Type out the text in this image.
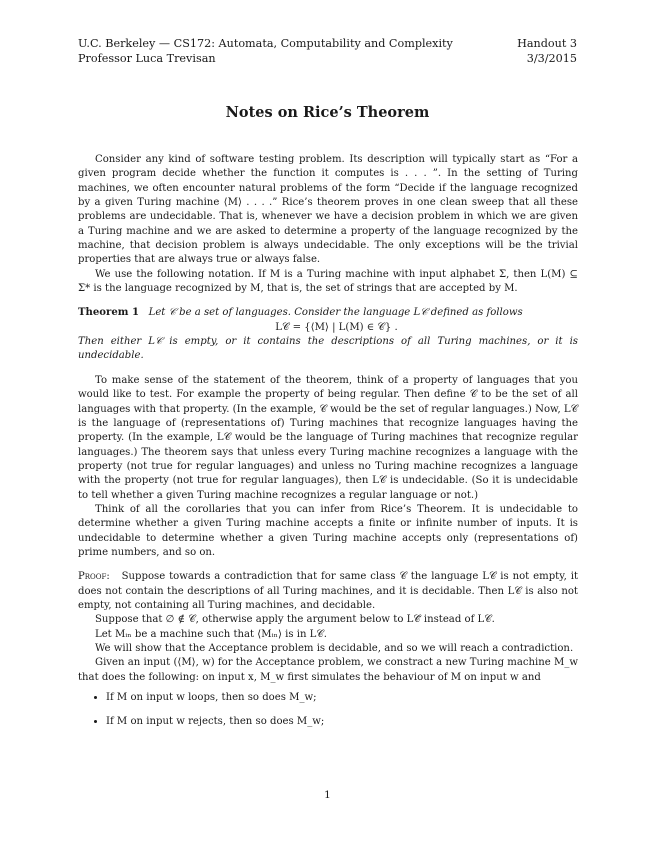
U.C. Berkeley — CS172: Automata, Computability and Complexity
Professor Luca Trevisan
Handout 3
3/3/2015
Notes on Rice’s Theorem

Consider any kind of software testing problem. Its description will typically start as “For a given program decide whether the function it computes is . . . ”. In the setting of Turing machines, we often encounter natural problems of the form “Decide if the language recognized by a given Turing machine ⟨M⟩ . . . .” Rice’s theorem proves in one clean sweep that all these problems are undecidable. That is, whenever we have a decision problem in which we are given a Turing machine and we are asked to determine a property of the language recognized by the machine, that decision problem is always undecidable. The only exceptions will be the trivial properties that are always true or always false.

We use the following notation. If M is a Turing machine with input alphabet Σ, then L(M) ⊆ Σ* is the language recognized by M, that is, the set of strings that are accepted by M.

Theorem 1 Let 𝒞 be a set of languages. Consider the language L𝒞 defined as follows

L𝒞 = {⟨M⟩ | L(M) ∈ 𝒞} .

Then either L𝒞 is empty, or it contains the descriptions of all Turing machines, or it is undecidable.

To make sense of the statement of the theorem, think of a property of languages that you would like to test. For example the property of being regular. Then define 𝒞 to be the set of all languages with that property. (In the example, 𝒞 would be the set of regular languages.) Now, L𝒞 is the language of (representations of) Turing machines that recognize languages having the property. (In the example, L𝒞 would be the language of Turing machines that recognize regular languages.) The theorem says that unless every Turing machine recognizes a language with the property (not true for regular languages) and unless no Turing machine recognizes a language with the property (not true for regular languages), then L𝒞 is undecidable. (So it is undecidable to tell whether a given Turing machine recognizes a regular language or not.)

Think of all the corollaries that you can infer from Rice’s Theorem. It is undecidable to determine whether a given Turing machine accepts a finite or infinite number of inputs. It is undecidable to determine whether a given Turing machine accepts only (representations of) prime numbers, and so on.

Proof: Suppose towards a contradiction that for same class 𝒞 the language L𝒞 is not empty, it does not contain the descriptions of all Turing machines, and it is decidable. Then L𝒞 is also not empty, not containing all Turing machines, and decidable.

Suppose that ∅ ∉ 𝒞, otherwise apply the argument below to L𝒞̄ instead of L𝒞.

Let Mᵢₙ be a machine such that ⟨Mᵢₙ⟩ is in L𝒞.

We will show that the Acceptance problem is decidable, and so we will reach a contradiction.

Given an input (⟨M⟩, w) for the Acceptance problem, we constract a new Turing machine M_w that does the following: on input x, M_w first simulates the behaviour of M on input w and

• If M on input w loops, then so does M_w;
• If M on input w rejects, then so does M_w;
1
